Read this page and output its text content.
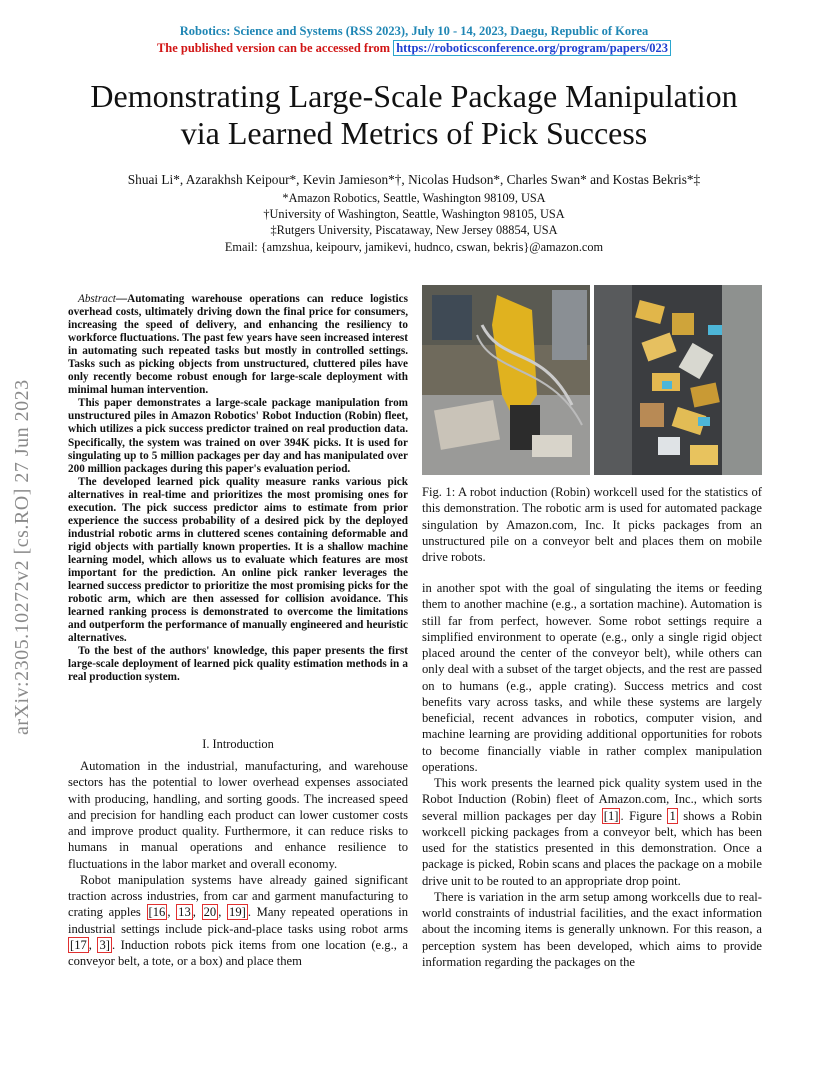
Robotics: Science and Systems (RSS 2023), July 10 - 14, 2023, Daegu, Republic of Korea
The published version can be accessed from https://roboticsconference.org/program/papers/023
Demonstrating Large-Scale Package Manipulation
via Learned Metrics of Pick Success
Shuai Li*, Azarakhsh Keipour*, Kevin Jamieson*†, Nicolas Hudson*, Charles Swan* and Kostas Bekris*‡
*Amazon Robotics, Seattle, Washington 98109, USA
†University of Washington, Seattle, Washington 98105, USA
‡Rutgers University, Piscataway, New Jersey 08854, USA
Email: {amzshua, keipourv, jamikevi, hudnco, cswan, bekris}@amazon.com
arXiv:2305.10272v2 [cs.RO] 27 Jun 2023

Abstract—Automating warehouse operations can reduce logistics overhead costs, ultimately driving down the final price for consumers, increasing the speed of delivery, and enhancing the resiliency to workforce fluctuations. The past few years have seen increased interest in automating such repeated tasks but mostly in controlled settings. Tasks such as picking objects from unstructured, cluttered piles have only recently become robust enough for large-scale deployment with minimal human intervention.

This paper demonstrates a large-scale package manipulation from unstructured piles in Amazon Robotics' Robot Induction (Robin) fleet, which utilizes a pick success predictor trained on real production data. Specifically, the system was trained on over 394K picks. It is used for singulating up to 5 million packages per day and has manipulated over 200 million packages during this paper's evaluation period.

The developed learned pick quality measure ranks various pick alternatives in real-time and prioritizes the most promising ones for execution. The pick success predictor aims to estimate from prior experience the success probability of a desired pick by the deployed industrial robotic arms in cluttered scenes containing deformable and rigid objects with partially known properties. It is a shallow machine learning model, which allows us to evaluate which features are most important for the prediction. An online pick ranker leverages the learned success predictor to prioritize the most promising picks for the robotic arm, which are then assessed for collision avoidance. This learned ranking process is demonstrated to overcome the limitations and outperform the performance of manually engineered and heuristic alternatives.

To the best of the authors' knowledge, this paper presents the first large-scale deployment of learned pick quality estimation methods in a real production system.

I. Introduction

Automation in the industrial, manufacturing, and warehouse sectors has the potential to lower overhead expenses associated with producing, handling, and sorting goods. The increased speed and precision for handling each product can lower customer costs and improve product quality. Furthermore, it can reduce risks to humans in manual operations and enhance resilience to fluctuations in the labor market and overall economy.

Robot manipulation systems have already gained significant traction across industries, from car and garment manufacturing to crating apples [16 , 13 , 20 , 19] . Many repeated operations in industrial settings include pick-and-place tasks using robot arms [17 , 3] . Induction robots pick items from one location (e.g., a conveyor belt, a tote, or a box) and place them

Fig. 1: A robot induction (Robin) workcell used for the statistics of this demonstration. The robotic arm is used for automated package singulation by Amazon.com, Inc. It picks packages from an unstructured pile on a conveyor belt and places them on mobile drive robots.

in another spot with the goal of singulating the items or feeding them to another machine (e.g., a sortation machine). Automation is still far from perfect, however. Some robot settings require a simplified environment to operate (e.g., only a single rigid object placed around the center of the conveyor belt), while others can only deal with a subset of the target objects, and the rest are passed on to humans (e.g., apple crating). Success metrics and cost benefits vary across tasks, and while these systems are largely beneficial, recent advances in robotics, computer vision, and machine learning are providing additional opportunities for robots to become financially viable in rather complex manipulation operations.

This work presents the learned pick quality system used in the Robot Induction (Robin) fleet of Amazon.com, Inc., which sorts several million packages per day [1] . Figure 1 shows a Robin workcell picking packages from a conveyor belt, which has been used for the statistics presented in this demonstration. Once a package is picked, Robin scans and places the package on a mobile drive unit to be routed to an appropriate drop point.

There is variation in the arm setup among workcells due to real-world constraints of industrial facilities, and the exact information about the incoming items is generally unknown. For this reason, a perception system has been developed, which aims to provide information regarding the packages on the
